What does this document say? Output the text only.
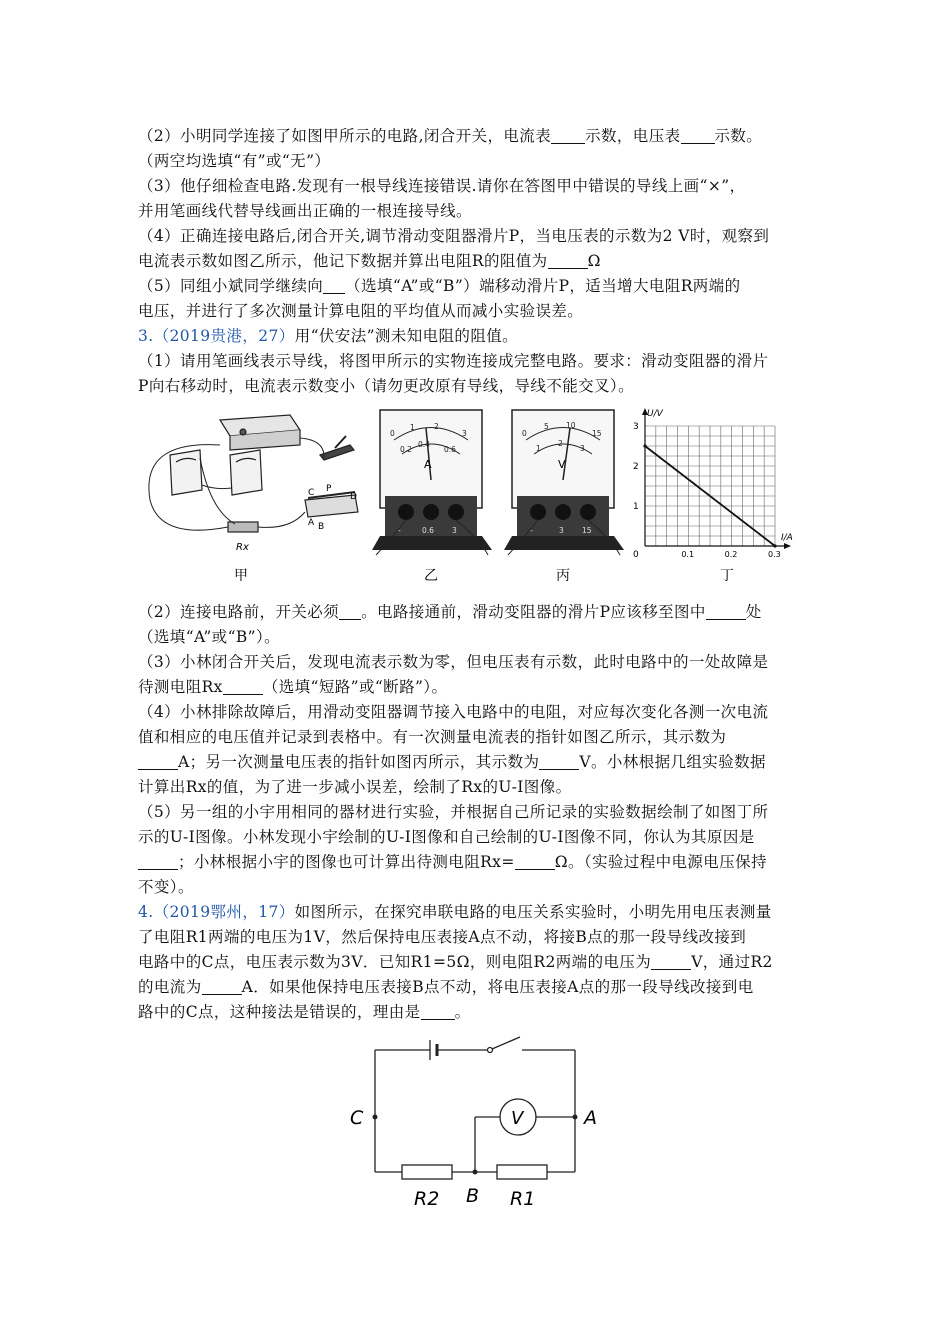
（2）小明同学连接了如图甲所示的电路,闭合开关，电流表 示数，电压表 示数。
（两空均选填“有”或“无”）
（3）他仔细检查电路.发现有一根导线连接错误.请你在答图甲中错误的导线上画“×”，
并用笔画线代替导线画出正确的一根连接导线。
（4）正确连接电路后,闭合开关,调节滑动变阻器滑片P，当电压表的示数为2 V时，观察到
电流表示数如图乙所示，他记下数据并算出电阻R的阻值为	Ω
（5）同组小斌同学继续向 （选填“A”或“B”）端移动滑片P，适当增大电阻R两端的
电压，并进行了多次测量计算电阻的平均值从而减小实验误差。
3.（2019贵港，27）用“伏安法”测未知电阻的阻值。
（1）请用笔画线表示导线，将图甲所示的实物连接成完整电路。要求：滑动变阻器的滑片
P向右移动时，电流表示数变小（请勿更改原有导线，导线不能交叉）。
C P
D
A B
Rx
甲
A
0
0.2
0.4
0.6
1	2
3
-	0.6 3
乙
V
0
1
2
3
5 10
15
-	3 15
丙
0.1	0.2	0.3
1
2
3
0
I/A
U/V
丁
（2）连接电路前，开关必须 。电路接通前，滑动变阻器的滑片P应该移至图中	处
（选填“A”或“B”）。
（3）小林闭合开关后，发现电流表示数为零，但电压表有示数，此时电路中的一处故障是
待测电阻Rx	（选填“短路”或“断路”）。
（4）小林排除故障后，用滑动变阻器调节接入电路中的电阻，对应每次变化各测一次电流
值和相应的电压值并记录到表格中。有一次测量电流表的指针如图乙所示，其示数为
A；另一次测量电压表的指针如图丙所示，其示数为	V。小林根据几组实验数据
计算出Rx的值，为了进一步减小误差，绘制了Rx的U-I图像。
（5）另一组的小宇用相同的器材进行实验，并根据自己所记录的实验数据绘制了如图丁所
示的U-I图像。小林发现小宇绘制的U-I图像和自己绘制的U-I图像不同，你认为其原因是
；小林根据小宇的图像也可计算出待测电阻Rx=	Ω。（实验过程中电源电压保持
不变）。
4.（2019鄂州，17）如图所示，在探究串联电路的电压关系实验时，小明先用电压表测量
了电阻R1两端的电压为1V，然后保持电压表接A点不动，将接B点的那一段导线改接到
电路中的C点，电压表示数为3V．已知R1=5Ω，则电阻R2两端的电压为	V，通过R2
的电流为	A．如果他保持电压表接B点不动，将电压表接A点的那一段导线改接到电
路中的C点，这种接法是错误的，理由是 。
V
C	A
B
R2	R1
